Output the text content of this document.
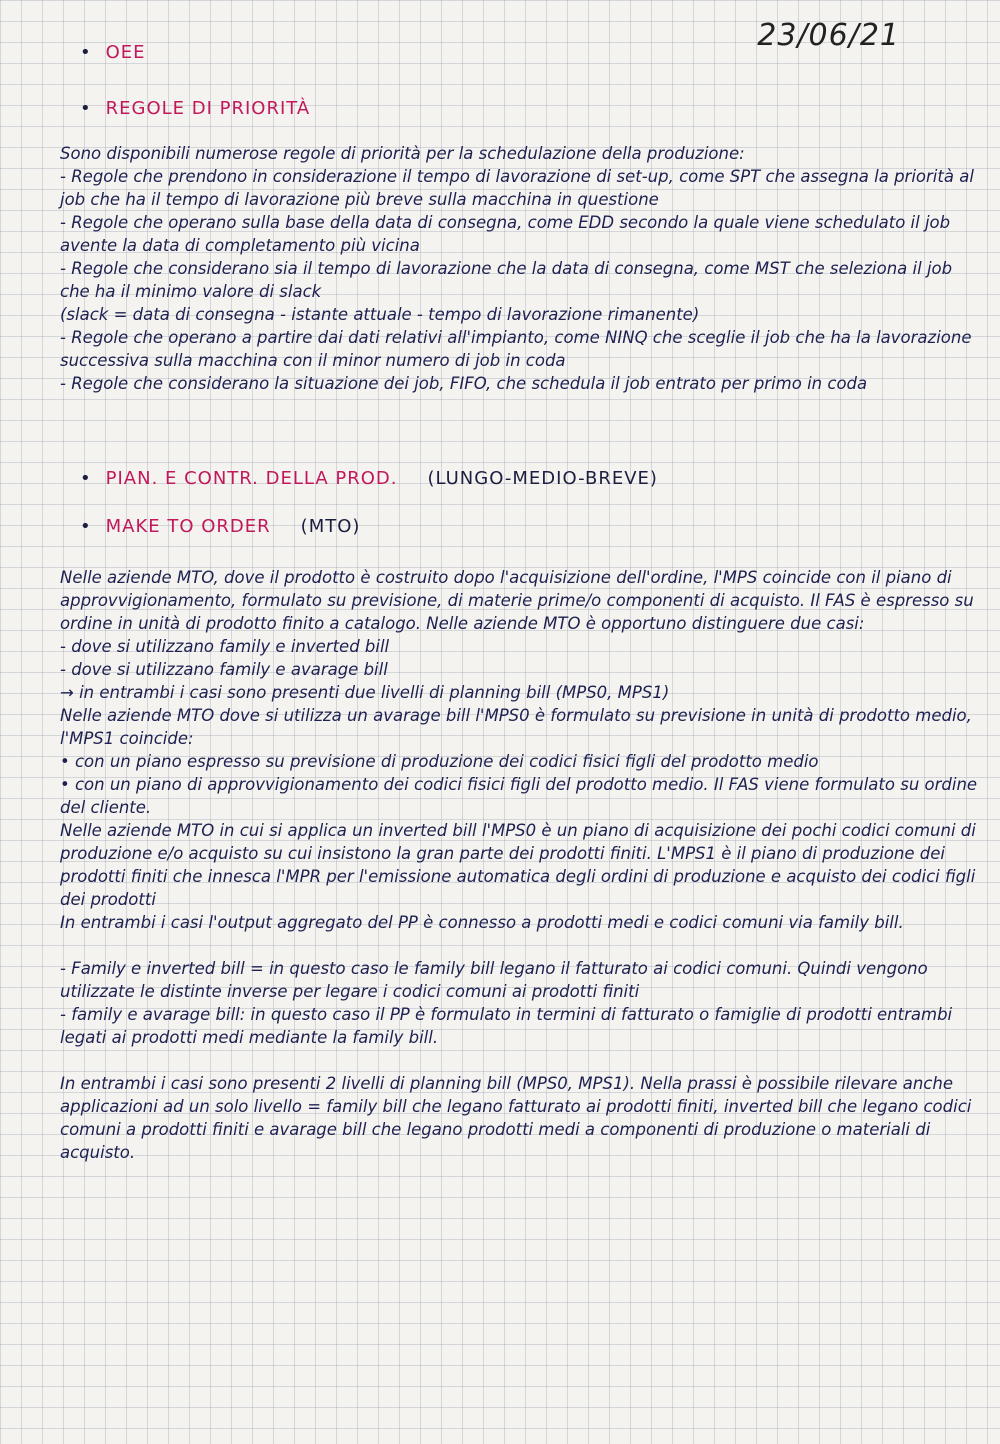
23/06/21
• OEE
• REGOLE DI PRIORITÀ

Sono disponibili numerose regole di priorità per la schedulazione della produzione:

- Regole che prendono in considerazione il tempo di lavorazione di set-up, come SPT che assegna la priorità al job che ha il tempo di lavorazione più breve sulla macchina in questione

- Regole che operano sulla base della data di consegna, come EDD secondo la quale viene schedulato il job avente la data di completamento più vicina

- Regole che considerano sia il tempo di lavorazione che la data di consegna, come MST che seleziona il job che ha il minimo valore di slack

(slack = data di consegna - istante attuale - tempo di lavorazione rimanente)

- Regole che operano a partire dai dati relativi all'impianto, come NINQ che sceglie il job che ha la lavorazione successiva sulla macchina con il minor numero di job in coda

- Regole che considerano la situazione dei job, FIFO, che schedula il job entrato per primo in coda

• PIAN. E CONTR. DELLA PROD. (LUNGO-MEDIO-BREVE)
• MAKE TO ORDER (MTO)

Nelle aziende MTO, dove il prodotto è costruito dopo l'acquisizione dell'ordine, l'MPS coincide con il piano di approvvigionamento, formulato su previsione, di materie prime/o componenti di acquisto. Il FAS è espresso su ordine in unità di prodotto finito a catalogo. Nelle aziende MTO è opportuno distinguere due casi:

- dove si utilizzano family e inverted bill

- dove si utilizzano family e avarage bill

→ in entrambi i casi sono presenti due livelli di planning bill (MPS0, MPS1)

Nelle aziende MTO dove si utilizza un avarage bill l'MPS0 è formulato su previsione in unità di prodotto medio, l'MPS1 coincide:

• con un piano espresso su previsione di produzione dei codici fisici figli del prodotto medio

• con un piano di approvvigionamento dei codici fisici figli del prodotto medio. Il FAS viene formulato su ordine del cliente.

Nelle aziende MTO in cui si applica un inverted bill l'MPS0 è un piano di acquisizione dei pochi codici comuni di produzione e/o acquisto su cui insistono la gran parte dei prodotti finiti. L'MPS1 è il piano di produzione dei prodotti finiti che innesca l'MPR per l'emissione automatica degli ordini di produzione e acquisto dei codici figli dei prodotti

In entrambi i casi l'output aggregato del PP è connesso a prodotti medi e codici comuni via family bill.

- Family e inverted bill = in questo caso le family bill legano il fatturato ai codici comuni. Quindi vengono utilizzate le distinte inverse per legare i codici comuni ai prodotti finiti

- family e avarage bill: in questo caso il PP è formulato in termini di fatturato o famiglie di prodotti entrambi legati ai prodotti medi mediante la family bill.

In entrambi i casi sono presenti 2 livelli di planning bill (MPS0, MPS1). Nella prassi è possibile rilevare anche applicazioni ad un solo livello = family bill che legano fatturato ai prodotti finiti, inverted bill che legano codici comuni a prodotti finiti e avarage bill che legano prodotti medi a componenti di produzione o materiali di acquisto.
